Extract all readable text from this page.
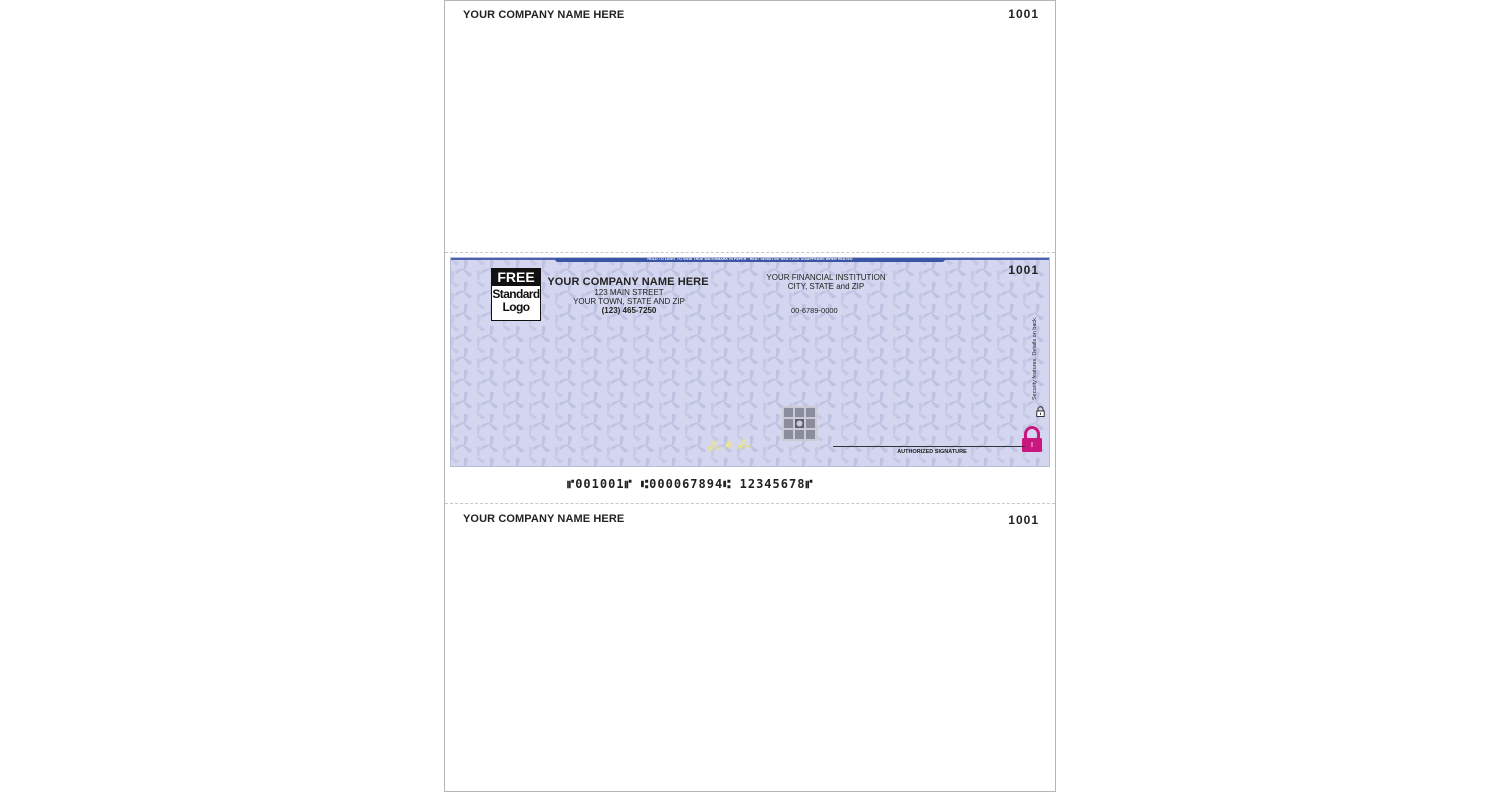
YOUR COMPANY NAME HERE	1001
HOLD TO LIGHT TO VIEW TRUE WATERMARK IN PAPER · HEAT SENSITIVE RED LOCK DISAPPEARS WHEN HEATED
FREE
Standard
Logo
YOUR COMPANY NAME HERE
123 MAIN STREET
YOUR TOWN, STATE AND ZIP
(123) 465-7250
YOUR FINANCIAL INSTITUTION
CITY, STATE and ZIP
00-6789-0000
1001
Security features. Details on back.
⁂✶⁂	AUTHORIZED SIGNATURE
⑈001001⑈ ⑆000067894⑆ 12345678⑈
YOUR COMPANY NAME HERE	1001
